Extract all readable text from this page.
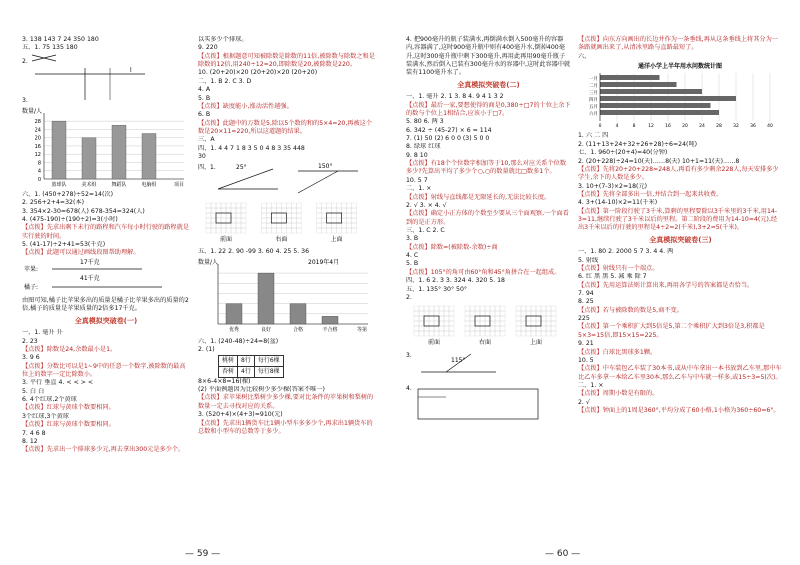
3. 138 143 7 24 350 180
五、1. 75 135 180
2.
3.
l
数量/人
0
4
8
12
16
20
24
28
篮球队	美术组	舞蹈队	电脑组	项目
六、1. (450+278)÷52=14(次)
2. 256+2+4=32(本)
3. 354×2-30=678(人) 678-354=324(人)
4. (475-190)÷(190÷2)=3(小时)
【点拨】先求出剩下未行的路程和汽车每小时行驶的路程就是实行驶的时间。
5. (41-17)÷2+41=53(千克)
【点拨】此题可以通过画线段图帮助理解。
17千克
苹果:
41千克
橘子:
由图可知,橘子比苹果多出的质量是橘子比苹果多出的质量的2倍,橘子的质量是苹果质量的2倍多17千克。
全真模拟突破卷(一)
一、1. 毫升 升
2. 23
【点拨】除数是24,余数最小是1。
3. 9 6
【点拨】分数比可以是1~9中的任意一个数字,被除数的最高位上的数字一定比除数小。
3. 平行 垂直 4. < < > <
5. 白 白
6. 4个红球,2个黄球
【点拨】红球与黄球个数要相同。
3个红球,3个黄球
【点拨】红球与黄球个数要相同。
7. 4 6 8
8. 12
【点拨】先求出一个排球多少元,再去拿出300元是多少个。
以买多少个排球。
9. 220
【点拨】根据题意可知被除数是除数的11倍,被除数与除数之和是除数的12倍,用240÷12=20,即除数是20,被除数是220。
10. (20+20)×20 (20+20)×20 (20+20)
二、1. B 2. C 3. D
4. A
5. B
【点拨】缺度能小,涨动活性越强。
6. B
【点拨】此题中的万数是5,除以5个数的和的5×4=20,再被这个数是20×11=220,所以这道题的结果。
三、A
四、1. 4 4 7 1 8 3 5 0 4 8 3 35 448
30
四、1.	25°	150°

前面	右面	上面
五、1. 22 2. 90 -99 3. 60 4. 25 5. 36
数量/人	2019年4月
优秀	良好	合格	不合格	等第
六、1. (240-48)÷24=8(盆)
2. (1)
桃树	8行	每行6棵
杏树	4行	每行8棵
8×6-4×8=16(棵)
(2) 平面例题因为比较树少多少棵(答案不唯一)
【点拨】求苹果树比梨树少多少棵,要对比条件的苹果树和梨树的数量一定去寻找对应的关系。
3. (520+4)×(4+3)=910(元)
【点拨】先求出1辆货车比1辆小型车多多少个,再求出1辆货车的总数和小型车的总数等于多少。
4. 把900毫升的瓶子装满水,再倒满水倒入500毫升的容器内,容器满了,这时900毫升瓶中则有400毫升水,倒掉400毫升,这时300毫升瓶中剩下300毫升,再用此再用90毫升瓶子装满水,然后倒入已装有300毫升水的容器中,这时此容器中就装有1100毫升水了。
全真模拟突破卷(二)
一、1. 毫升 2. 1 3. 8 4. 9 4 1 3 2
【点拨】最后一家,要想使得的商是0,380÷□7的十位上余下的数与个位上1相结合,应该小于□7。
5. 80 6. 两 3
6. 342 ÷ (45-27) × 6 = 114
7. (1) 50 (2) 6 0 0 (3) 5 0 0
8. 绿球 红球
9. 8 10
【点拨】有18个个位数字相加等于10,那么对应关系个位数多少?先算出平均了多少个○,○的数量就比□数多1个。
10. 5 7
二、1. ×
【点拨】射线与直线都是无限延长的,无法比较长度。
2. √ 3. × 4. √
【点拨】确定小正方体的个数至少要从三个面观察,一个面看到的是正方形。
三、1. C 2. C
3. B
【点拨】除数=(被除数-余数)÷商
4. C
5. B
【点拨】105°的角可由60°角和45°角拼合在一起组成。
四、1. 6 2. 3 3. 324 4. 320 5. 18
五、1. 135° 30° 50°
2.
前面	右面	上面

3.
115°

4.
【点拨】向东方向画出的长边并作为一条垂线,再从这条垂线上将其分为一条路就画出来了,从清冰里路与直路最短了。
六、
通洋小学上半年用水问数统计图
0	4	8	12	16	20	24	28	32	36	40
一月
二月
三月
四月
五月
六月
1. 六 二 四
2. (11+13+24+32+26+28)÷6=24(吨)
七、1. 960÷(20+4)=40(分钟)
2. (20+228)÷24=10(天)……8(天) 10+1=11(天)……8
【点拨】先将20÷20+228=248人,再看有多少剩余228人,每天安排多少学生,余下的人数是多少。
3. 10+(7-3)×2=18(元)
【点拨】先将全部多出一倍,并结合到一起来共收费。
4. 3+(14-10)×2=11(千米)
【点拨】第一阶段行驶了3千米,算剩的里程要除以3千米里的3千米,用14-3=11,继续行驶了3千米以后的里程。第二阶段的费用为14-10=4(元),经出3千米以后的行驶的里程是4÷2=2(千米),3+2=5(千米)。
全真模拟突破卷(三)
一、1. 80 2. 2000 5 7 3. 4 4. 两
5. 射线
【点拨】射线只有一个端点。
6. 红 黑 黑 5. 减 乘 除 7
【点拨】先用运算法则计算出来,再用各学号的答案都是否恰当。
7. 94
8. 25
【点拨】若与被除数的数是5,商不变。
225
【点拨】第一个乘积扩大到5倍是5,第二个乘积扩大到3倍是3,积都是5×3=15倍,即15×15=225。
9. 21
【点拨】白球比黑球多1颗。
10. 5
【点拨】中车装包乙车装了30本书,或从中车拿出一本书放到乙车里,那中车比乙车多拿一本给乙车里30本,那么乙车与中车就一样多,或15÷3=5(次)。
二、1. ×
【点拨】周期小数是有限的。
2. √
【点拨】钟面上的1周是360°,平均分成了60小格,1小格为360÷60=6°。
— 59 —	— 60 —
